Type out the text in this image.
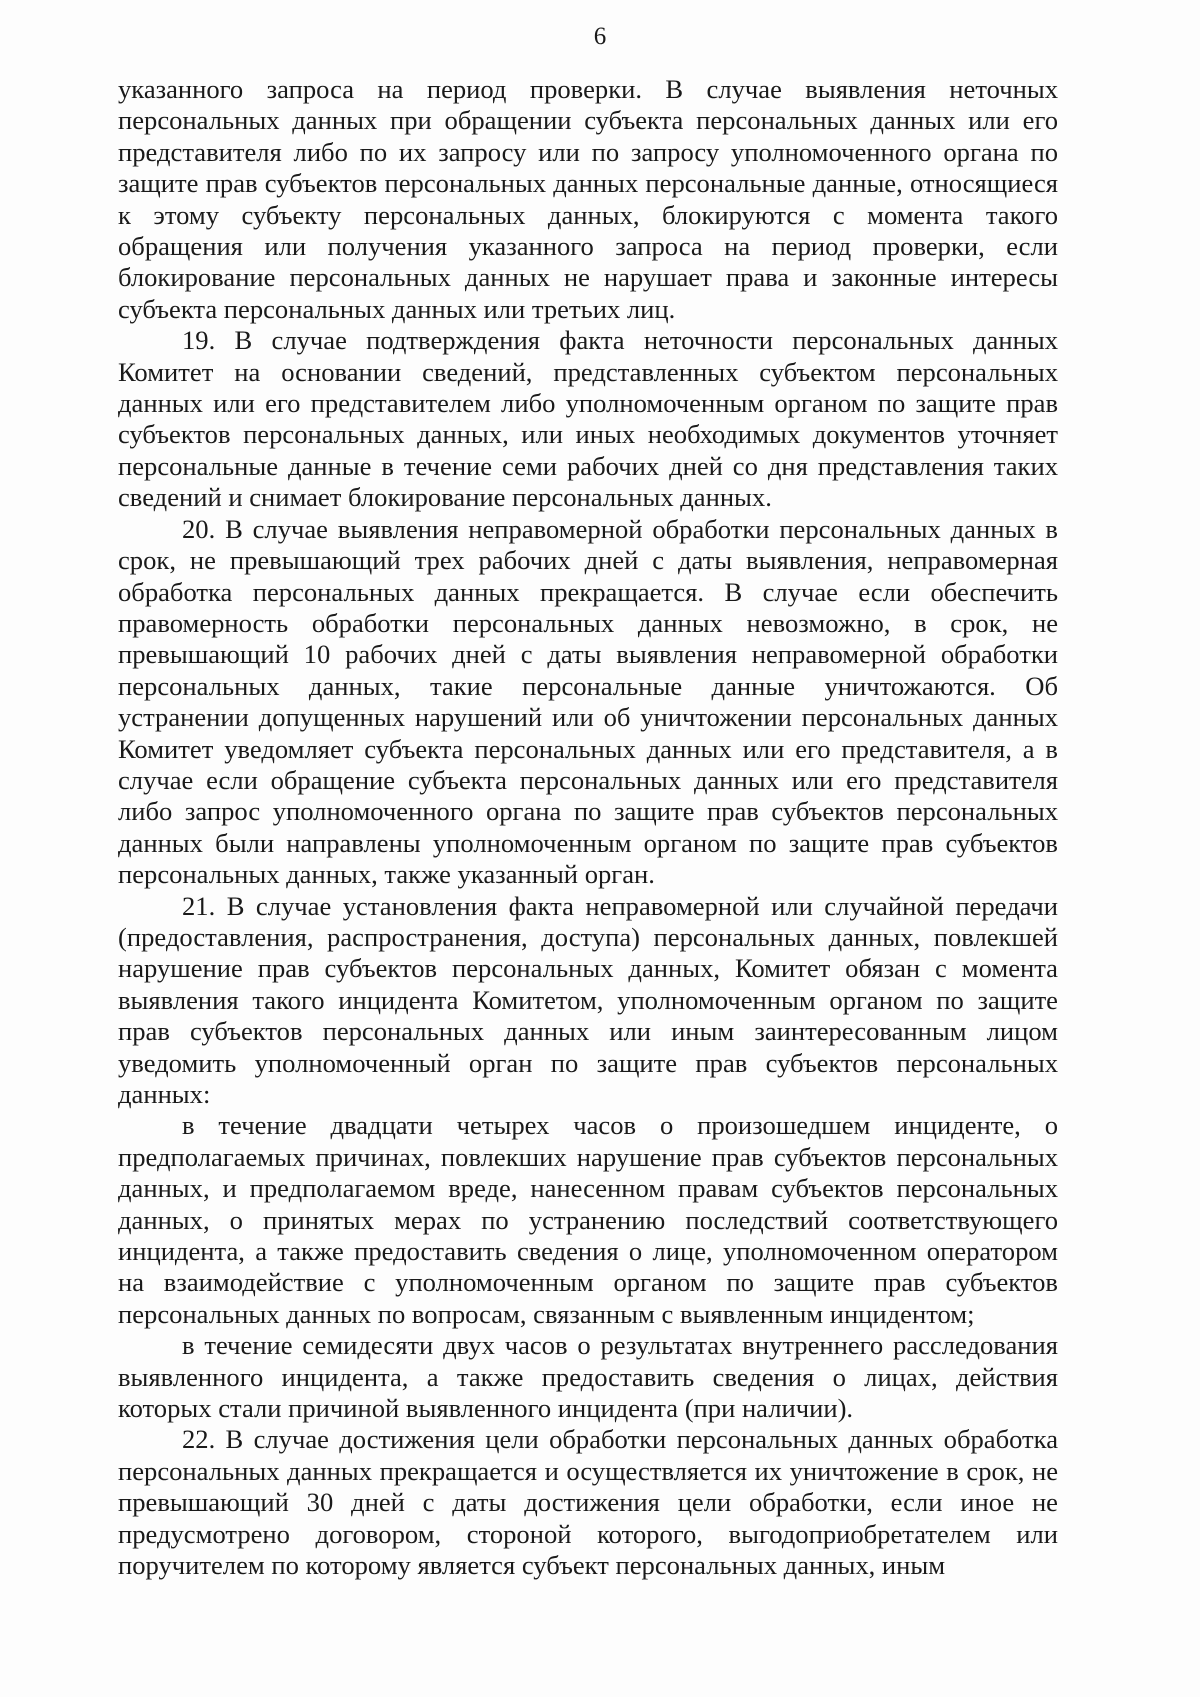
6

указанного запроса на период проверки. В случае выявления неточных персональных данных при обращении субъекта персональных данных или его представителя либо по их запросу или по запросу уполномоченного органа по защите прав субъектов персональных данных персональные данные, относящиеся к этому субъекту персональных данных, блокируются с момента такого обращения или получения указанного запроса на период проверки, если блокирование персональных данных не нарушает права и законные интересы субъекта персональных данных или третьих лиц.

19. В случае подтверждения факта неточности персональных данных Комитет на основании сведений, представленных субъектом персональных данных или его представителем либо уполномоченным органом по защите прав субъектов персональных данных, или иных необходимых документов уточняет персональные данные в течение семи рабочих дней со дня представления таких сведений и снимает блокирование персональных данных.

20. В случае выявления неправомерной обработки персональных данных в срок, не превышающий трех рабочих дней с даты выявления, неправомерная обработка персональных данных прекращается. В случае если обеспечить правомерность обработки персональных данных невозможно, в срок, не превышающий 10 рабочих дней с даты выявления неправомерной обработки персональных данных, такие персональные данные уничтожаются. Об устранении допущенных нарушений или об уничтожении персональных данных Комитет уведомляет субъекта персональных данных или его представителя, а в случае если обращение субъекта персональных данных или его представителя либо запрос уполномоченного органа по защите прав субъектов персональных данных были направлены уполномоченным органом по защите прав субъектов персональных данных, также указанный орган.

21. В случае установления факта неправомерной или случайной передачи (предоставления, распространения, доступа) персональных данных, повлекшей нарушение прав субъектов персональных данных, Комитет обязан с момента выявления такого инцидента Комитетом, уполномоченным органом по защите прав субъектов персональных данных или иным заинтересованным лицом уведомить уполномоченный орган по защите прав субъектов персональных данных:

в течение двадцати четырех часов о произошедшем инциденте, о предполагаемых причинах, повлекших нарушение прав субъектов персональных данных, и предполагаемом вреде, нанесенном правам субъектов персональных данных, о принятых мерах по устранению последствий соответствующего инцидента, а также предоставить сведения о лице, уполномоченном оператором на взаимодействие с уполномоченным органом по защите прав субъектов персональных данных по вопросам, связанным с выявленным инцидентом;

в течение семидесяти двух часов о результатах внутреннего расследования выявленного инцидента, а также предоставить сведения о лицах, действия которых стали причиной выявленного инцидента (при наличии).

22. В случае достижения цели обработки персональных данных обработка персональных данных прекращается и осуществляется их уничтожение в срок, не превышающий 30 дней с даты достижения цели обработки, если иное не предусмотрено договором, стороной которого, выгодоприобретателем или поручителем по которому является субъект персональных данных, иным
